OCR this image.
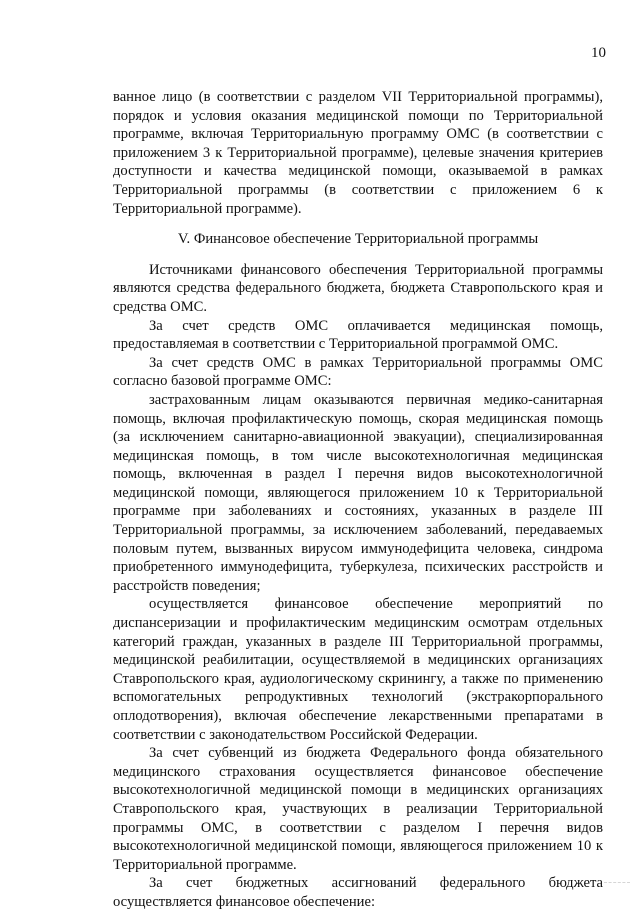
10

ванное лицо (в соответствии с разделом VII Территориальной программы), порядок и условия оказания медицинской помощи по Территориальной программе, включая Территориальную программу ОМС (в соответствии с приложением 3 к Территориальной программе), целевые значения критериев доступности и качества медицинской помощи, оказываемой в рамках Территориальной программы (в соответствии с приложением 6 к Территориальной программе).

V. Финансовое обеспечение Территориальной программы

Источниками финансового обеспечения Территориальной программы являются средства федерального бюджета, бюджета Ставропольского края и средства ОМС.

За счет средств ОМС оплачивается медицинская помощь, предоставляемая в соответствии с Территориальной программой ОМС.

За счет средств ОМС в рамках Территориальной программы ОМС согласно базовой программе ОМС:

застрахованным лицам оказываются первичная медико-санитарная помощь, включая профилактическую помощь, скорая медицинская помощь (за исключением санитарно-авиационной эвакуации), специализированная медицинская помощь, в том числе высокотехнологичная медицинская помощь, включенная в раздел I перечня видов высокотехнологичной медицинской помощи, являющегося приложением 10 к Территориальной программе при заболеваниях и состояниях, указанных в разделе III Территориальной программы, за исключением заболеваний, передаваемых половым путем, вызванных вирусом иммунодефицита человека, синдрома приобретенного иммунодефицита, туберкулеза, психических расстройств и расстройств поведения;

осуществляется финансовое обеспечение мероприятий по диспансеризации и профилактическим медицинским осмотрам отдельных категорий граждан, указанных в разделе III Территориальной программы, медицинской реабилитации, осуществляемой в медицинских организациях Ставропольского края, аудиологическому скринингу, а также по применению вспомогательных репродуктивных технологий (экстракорпорального оплодотворения), включая обеспечение лекарственными препаратами в соответствии с законодательством Российской Федерации.

За счет субвенций из бюджета Федерального фонда обязательного медицинского страхования осуществляется финансовое обеспечение высокотехнологичной медицинской помощи в медицинских организациях Ставропольского края, участвующих в реализации Территориальной программы ОМС, в соответствии с разделом I перечня видов высокотехнологичной медицинской помощи, являющегося приложением 10 к Территориальной программе.

За счет бюджетных ассигнований федерального бюджета осуществляется финансовое обеспечение:
